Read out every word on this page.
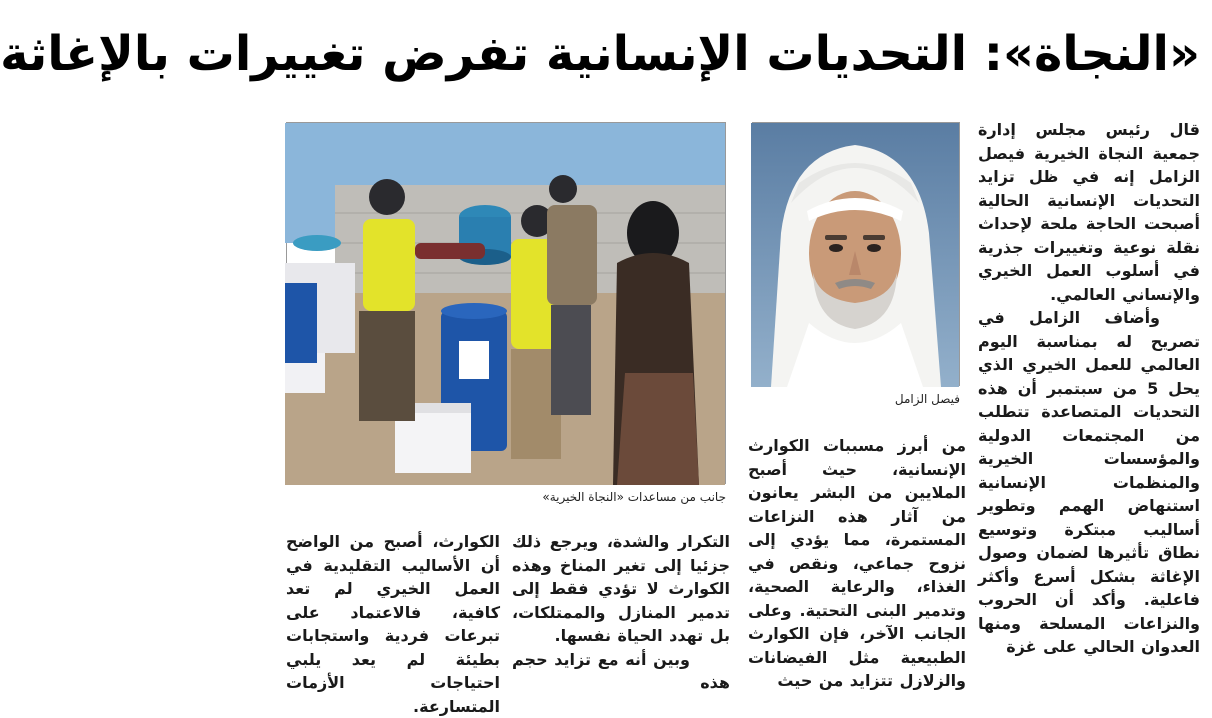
«النجاة»: التحديات الإنسانية تفرض تغييرات بالإغاثة

قال رئيس مجلس إدارة جمعية النجاة الخيرية فيصل الزامل إنه في ظل تزايد التحديات الإنسانية الحالية أصبحت الحاجة ملحة لإحداث نقلة نوعية وتغييرات جذرية في أسلوب العمل الخيري والإنساني العالمي.

وأضاف الزامل في تصريح له بمناسبة اليوم العالمي للعمل الخيري الذي يحل 5 من سبتمبر أن هذه التحديات المتصاعدة تتطلب من المجتمعات الدولية والمؤسسات الخيرية والمنظمات الإنسانية استنهاض الهمم وتطوير أساليب مبتكرة وتوسيع نطاق تأثيرها لضمان وصول الإغاثة بشكل أسرع وأكثر فاعلية. وأكد أن الحروب والنزاعات المسلحة ومنها العدوان الحالي على غزة

فيصل الزامل
جانب من مساعدات «النجاة الخيرية»

من أبرز مسببات الكوارث الإنسانية، حيث أصبح الملايين من البشر يعانون من آثار هذه النزاعات المستمرة، مما يؤدي إلى نزوح جماعي، ونقص في الغذاء، والرعاية الصحية، وتدمير البنى التحتية. وعلى الجانب الآخر، فإن الكوارث الطبيعية مثل الفيضانات والزلازل تتزايد من حيث

التكرار والشدة، ويرجع ذلك جزئيا إلى تغير المناخ وهذه الكوارث لا تؤدي فقط إلى تدمير المنازل والممتلكات، بل تهدد الحياة نفسها.

وبين أنه مع تزايد حجم هذه

الكوارث، أصبح من الواضح أن الأساليب التقليدية في العمل الخيري لم تعد كافية، فالاعتماد على تبرعات فردية واستجابات بطيئة لم يعد يلبي احتياجات الأزمات المتسارعة.
